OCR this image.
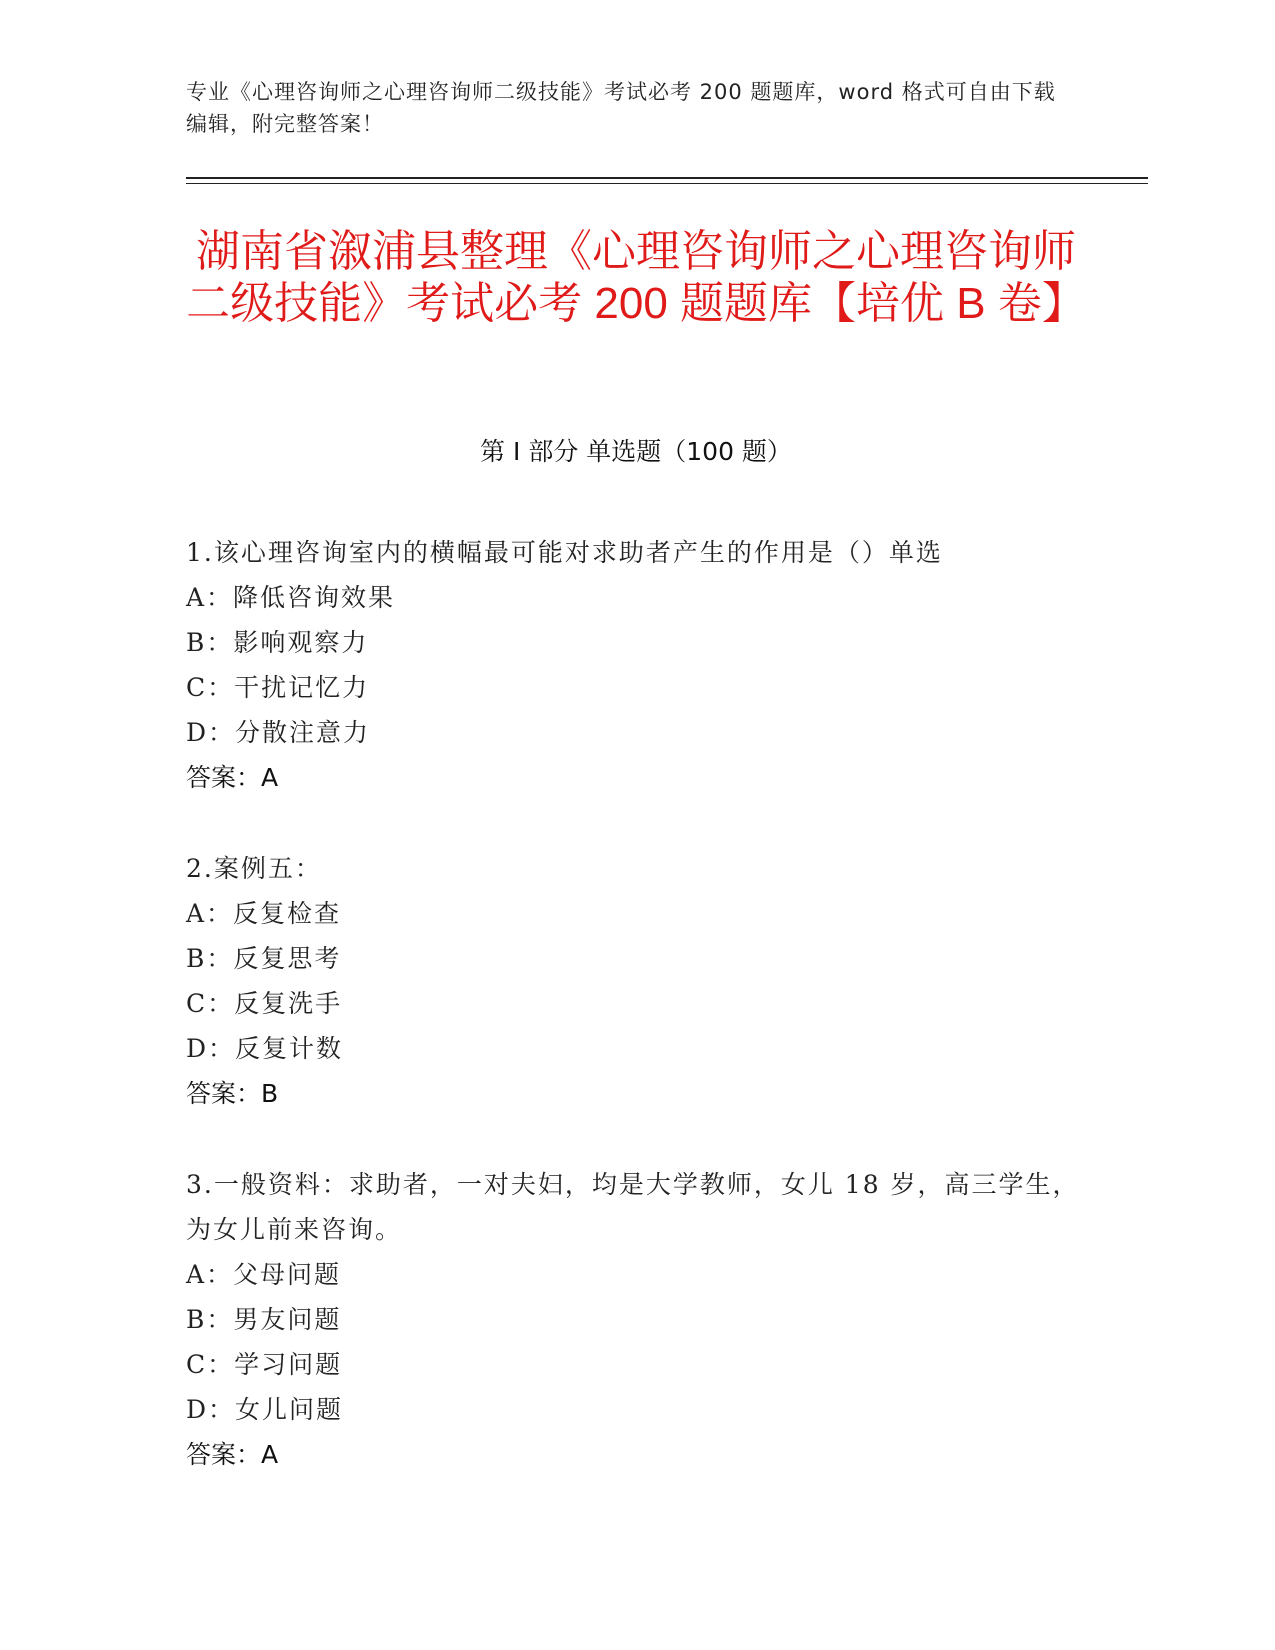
专业《心理咨询师之心理咨询师二级技能》考试必考 200 题题库，word 格式可自由下载编辑，附完整答案！
湖南省溆浦县整理《心理咨询师之心理咨询师二级技能》考试必考 200 题题库【培优 B 卷】
第 I 部分 单选题（100 题）
1.该心理咨询室内的横幅最可能对求助者产生的作用是（）单选
A：降低咨询效果
B：影响观察力
C：干扰记忆力
D：分散注意力
答案：A
2.案例五：
A：反复检查
B：反复思考
C：反复洗手
D：反复计数
答案：B
3.一般资料：求助者，一对夫妇，均是大学教师，女儿 18 岁，高三学生，为女儿前来咨询。
A：父母问题
B：男友问题
C：学习问题
D：女儿问题
答案：A
